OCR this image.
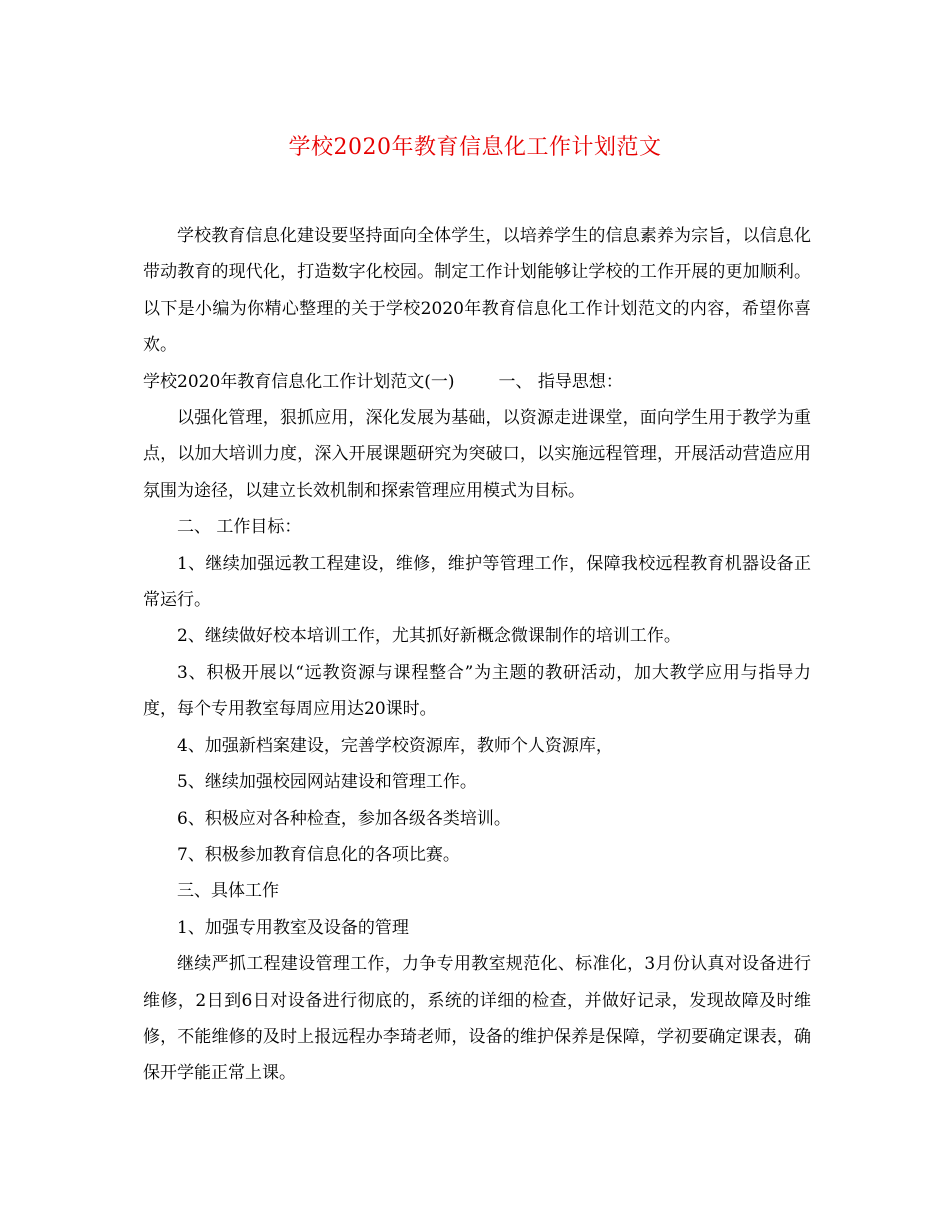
学校2020年教育信息化工作计划范文

学校教育信息化建设要坚持面向全体学生，以培养学生的信息素养为宗旨，以信息化带动教育的现代化，打造数字化校园。制定工作计划能够让学校的工作开展的更加顺利。以下是小编为你精心整理的关于学校2020年教育信息化工作计划范文的内容，希望你喜欢。

学校2020年教育信息化工作计划范文(一)	一、 指导思想：

以强化管理，狠抓应用，深化发展为基础，以资源走进课堂，面向学生用于教学为重点，以加大培训力度，深入开展课题研究为突破口，以实施远程管理，开展活动营造应用氛围为途径，以建立长效机制和探索管理应用模式为目标。

二、 工作目标：

1、继续加强远教工程建设，维修，维护等管理工作，保障我校远程教育机器设备正常运行。

2、继续做好校本培训工作，尤其抓好新概念微课制作的培训工作。

3、积极开展以“远教资源与课程整合”为主题的教研活动，加大教学应用与指导力度，每个专用教室每周应用达20课时。

4、加强新档案建设，完善学校资源库，教师个人资源库，

5、继续加强校园网站建设和管理工作。

6、积极应对各种检查，参加各级各类培训。

7、积极参加教育信息化的各项比赛。

三、具体工作

1、加强专用教室及设备的管理

继续严抓工程建设管理工作，力争专用教室规范化、标准化，3月份认真对设备进行维修，2日到6日对设备进行彻底的，系统的详细的检查，并做好记录，发现故障及时维修，不能维修的及时上报远程办李琦老师，设备的维护保养是保障，学初要确定课表，确保开学能正常上课。
